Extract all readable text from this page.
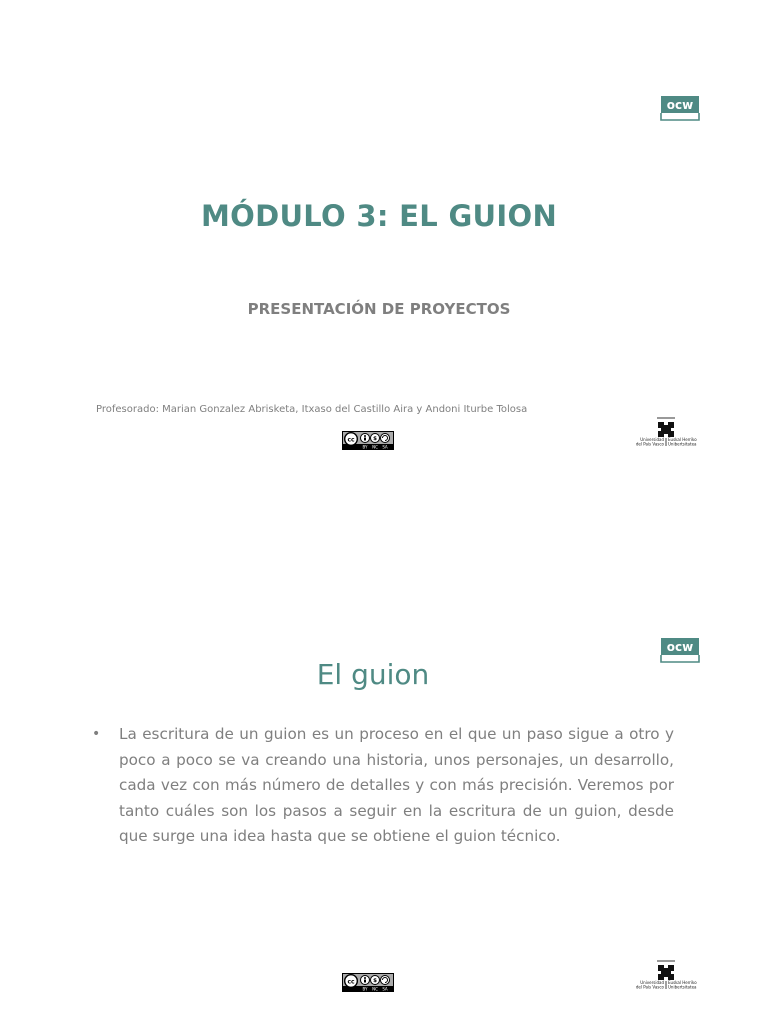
ocw
MÓDULO 3: EL GUION
PRESENTACIÓN DE PROYECTOS

Profesorado: Marian Gonzalez Abrisketa, Itxaso del Castillo Aira y Andoni Iturbe Tolosa

cc	$
BY NC SA
Universidad
del País Vasco
Euskal Herriko
Unibertsitatea
ocw
El guion
• La escritura de un guion es un proceso en el que un paso sigue a otro y poco a poco se va creando una historia, unos personajes, un desarrollo, cada vez con más número de detalles y con más precisión. Veremos por tanto cuáles son los pasos a seguir en la escritura de un guion, desde que surge una idea hasta que se obtiene el guion técnico.

cc	$
BY NC SA
Universidad
del País Vasco
Euskal Herriko
Unibertsitatea
